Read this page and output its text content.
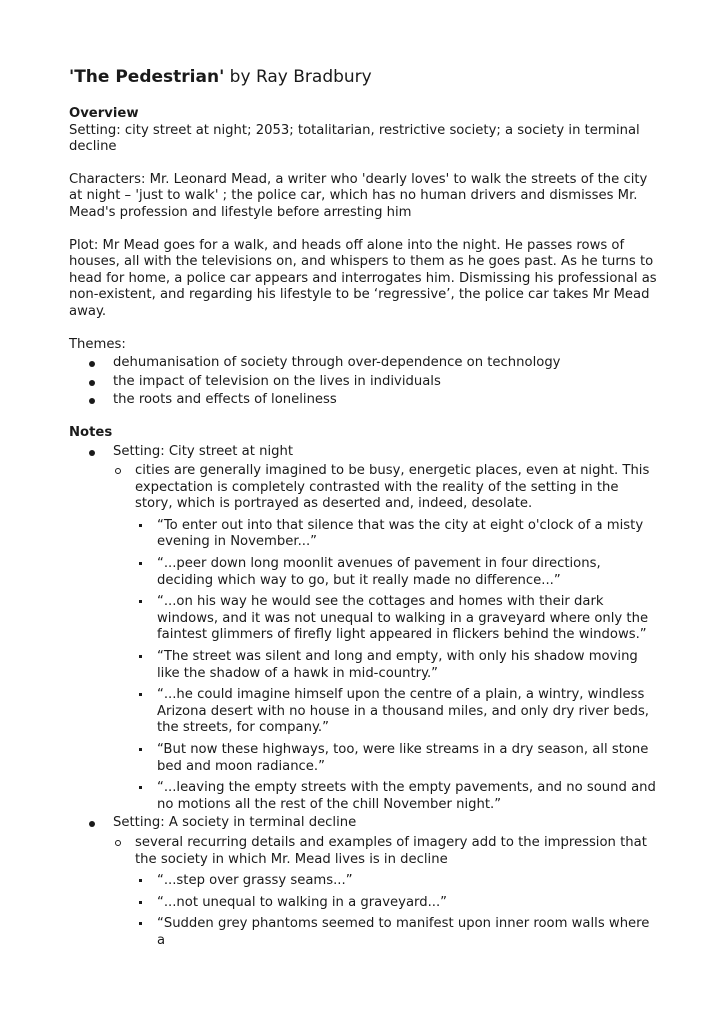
'The Pedestrian' by Ray Bradbury

Overview

Setting: city street at night; 2053; totalitarian, restrictive society; a society in terminal decline

Characters: Mr. Leonard Mead, a writer who 'dearly loves' to walk the streets of the city at night – 'just to walk' ; the police car, which has no human drivers and dismisses Mr. Mead's profession and lifestyle before arresting him

Plot: Mr Mead goes for a walk, and heads off alone into the night. He passes rows of houses, all with the televisions on, and whispers to them as he goes past. As he turns to head for home, a police car appears and interrogates him. Dismissing his professional as non-existent, and regarding his lifestyle to be ‘regressive’, the police car takes Mr Mead away.

Themes:

dehumanisation of society through over-dependence on technology
the impact of television on the lives in individuals
the roots and effects of loneliness

Notes

Setting: City street at night
cities are generally imagined to be busy, energetic places, even at night. This expectation is completely contrasted with the reality of the setting in the story, which is portrayed as deserted and, indeed, desolate.
“To enter out into that silence that was the city at eight o'clock of a misty evening in November...”
“...peer down long moonlit avenues of pavement in four directions, deciding which way to go, but it really made no difference...”
“...on his way he would see the cottages and homes with their dark windows, and it was not unequal to walking in a graveyard where only the faintest glimmers of firefly light appeared in flickers behind the windows.”
“The street was silent and long and empty, with only his shadow moving like the shadow of a hawk in mid-country.”
“...he could imagine himself upon the centre of a plain, a wintry, windless Arizona desert with no house in a thousand miles, and only dry river beds, the streets, for company.”
“But now these highways, too, were like streams in a dry season, all stone bed and moon radiance.”
“...leaving the empty streets with the empty pavements, and no sound and no motions all the rest of the chill November night.”
Setting: A society in terminal decline
several recurring details and examples of imagery add to the impression that the society in which Mr. Mead lives is in decline
“...step over grassy seams...”
“...not unequal to walking in a graveyard...”
“Sudden grey phantoms seemed to manifest upon inner room walls where a
